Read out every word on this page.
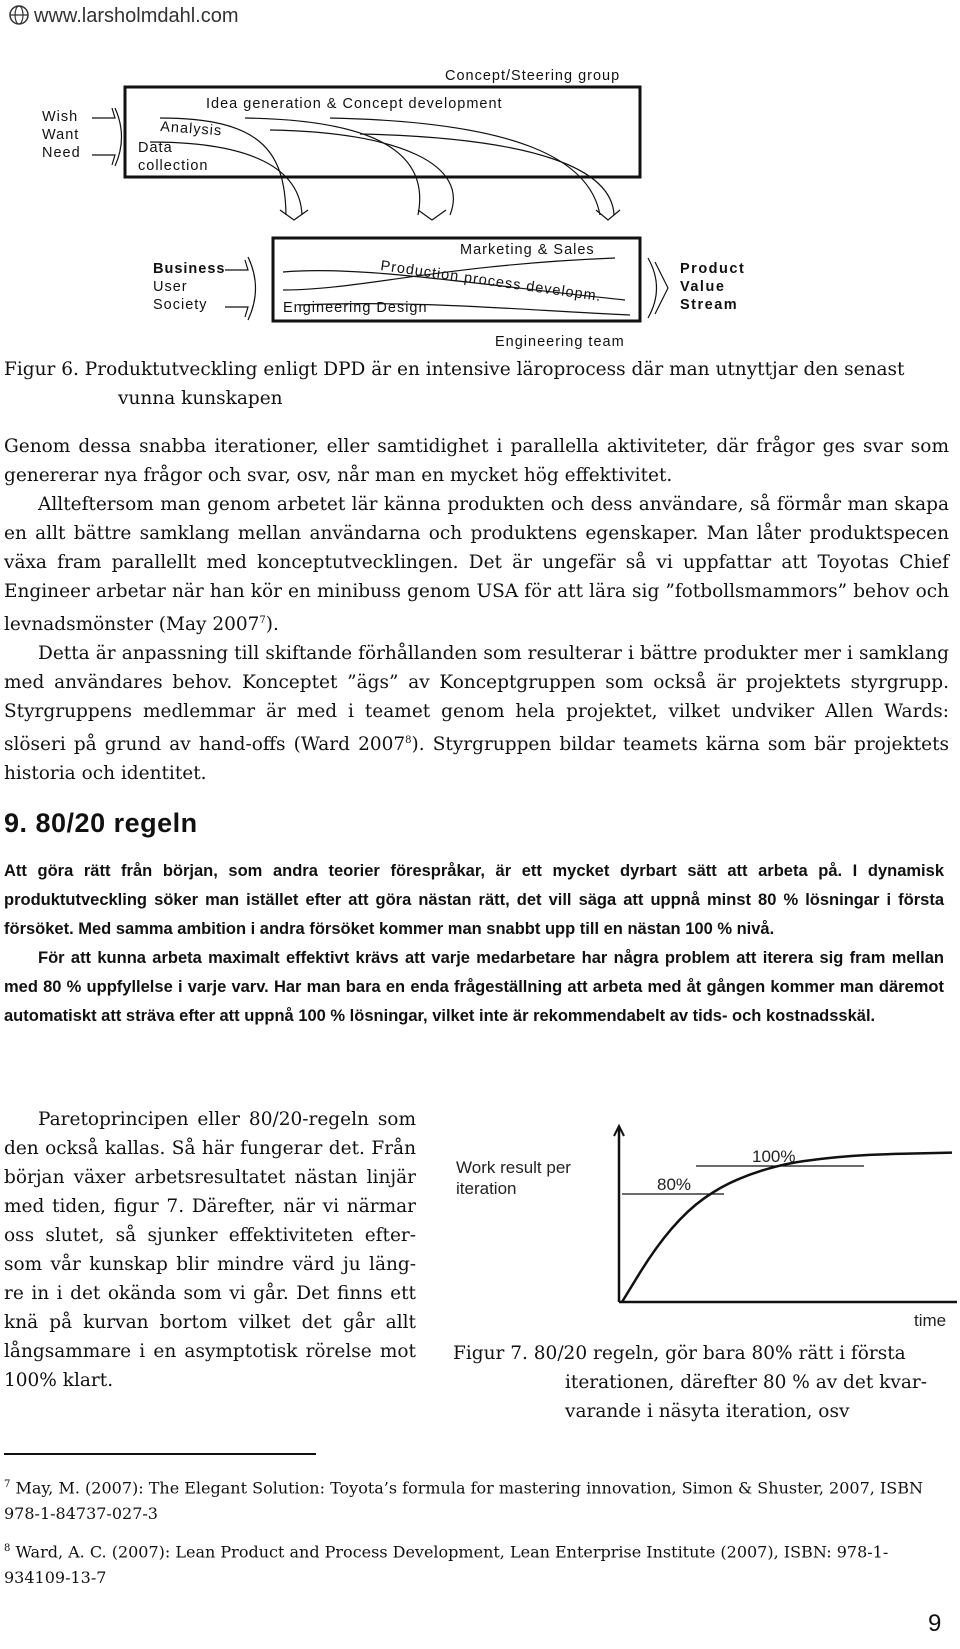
www.larsholmdahl.com
Wish
Want
Need
Concept/Steering group
Idea generation & Concept development
Analysis
Data
collection
Business
User
Society
Marketing & Sales
Production process developm.
Engineering Design
Engineering team
Product
Value
Stream
Figur 6. Produktutveckling enligt DPD är en intensive läroprocess där man utnyttjar den senast
vunna kunskapen

Genom dessa snabba iterationer, eller samtidighet i parallella aktiviteter, där frågor ges svar som genererar nya frågor och svar, osv, når man en mycket hög effektivitet.

Allteftersom man genom arbetet lär känna produkten och dess användare, så förmår man skapa en allt bättre samklang mellan användarna och produktens egenskaper. Man låter produktspecen växa fram parallellt med konceptutvecklingen. Det är ungefär så vi uppfattar att Toyotas Chief Engineer arbetar när han kör en minibuss genom USA för att lära sig ”fotbollsmammors” behov och levnadsmönster (May 2007$^7$).

Detta är anpassning till skiftande förhållanden som resulterar i bättre produkter mer i samklang med användares behov. Konceptet ”ägs” av Konceptgruppen som också är projektets styrgrupp. Styrgruppens medlemmar är med i teamet genom hela projektet, vilket undviker Allen Wards: slöseri på grund av hand-offs (Ward 2007$^8$). Styrgruppen bildar teamets kärna som bär projektets historia och identitet.

9. 80/20 regeln

Att göra rätt från början, som andra teorier förespråkar, är ett mycket dyrbart sätt att arbeta på. I dynamisk produktutveckling söker man istället efter att göra nästan rätt, det vill säga att uppnå minst 80 % lösningar i första försöket. Med samma ambition i andra försöket kommer man snabbt upp till en nästan 100 % nivå.

För att kunna arbeta maximalt effektivt krävs att varje medarbetare har några problem att iterera sig fram mellan med 80 % uppfyllelse i varje varv. Har man bara en enda frågeställning att arbeta med åt gången kommer man däremot automatiskt att sträva efter att uppnå 100 % lösningar, vilket inte är rekommendabelt av tids- och kostnadsskäl.

Paretoprincipen eller 80/20-regeln som den också kallas. Så här fungerar det. Från början växer arbetsresultatet nästan linjär med tiden, figur 7. Därefter, när vi närmar oss slutet, så sjunker effektiviteten efter-som vår kunskap blir mindre värd ju läng-re in i det okända som vi går. Det finns ett knä på kurvan bortom vilket det går allt långsammare i en asymptotisk rörelse mot 100% klart.
Work result per
iteration	80%
100%
time
Figur 7. 80/20 regeln, gör bara 80% rätt i första
iterationen, därefter 80 % av det kvar-
varande i näsyta iteration, osv
$^7$ May, M. (2007): The Elegant Solution: Toyota’s formula for mastering innovation, Simon & Shuster, 2007, ISBN 978-1-84737-027-3
$^8$ Ward, A. C. (2007): Lean Product and Process Development, Lean Enterprise Institute (2007), ISBN: 978-1-934109-13-7
9
